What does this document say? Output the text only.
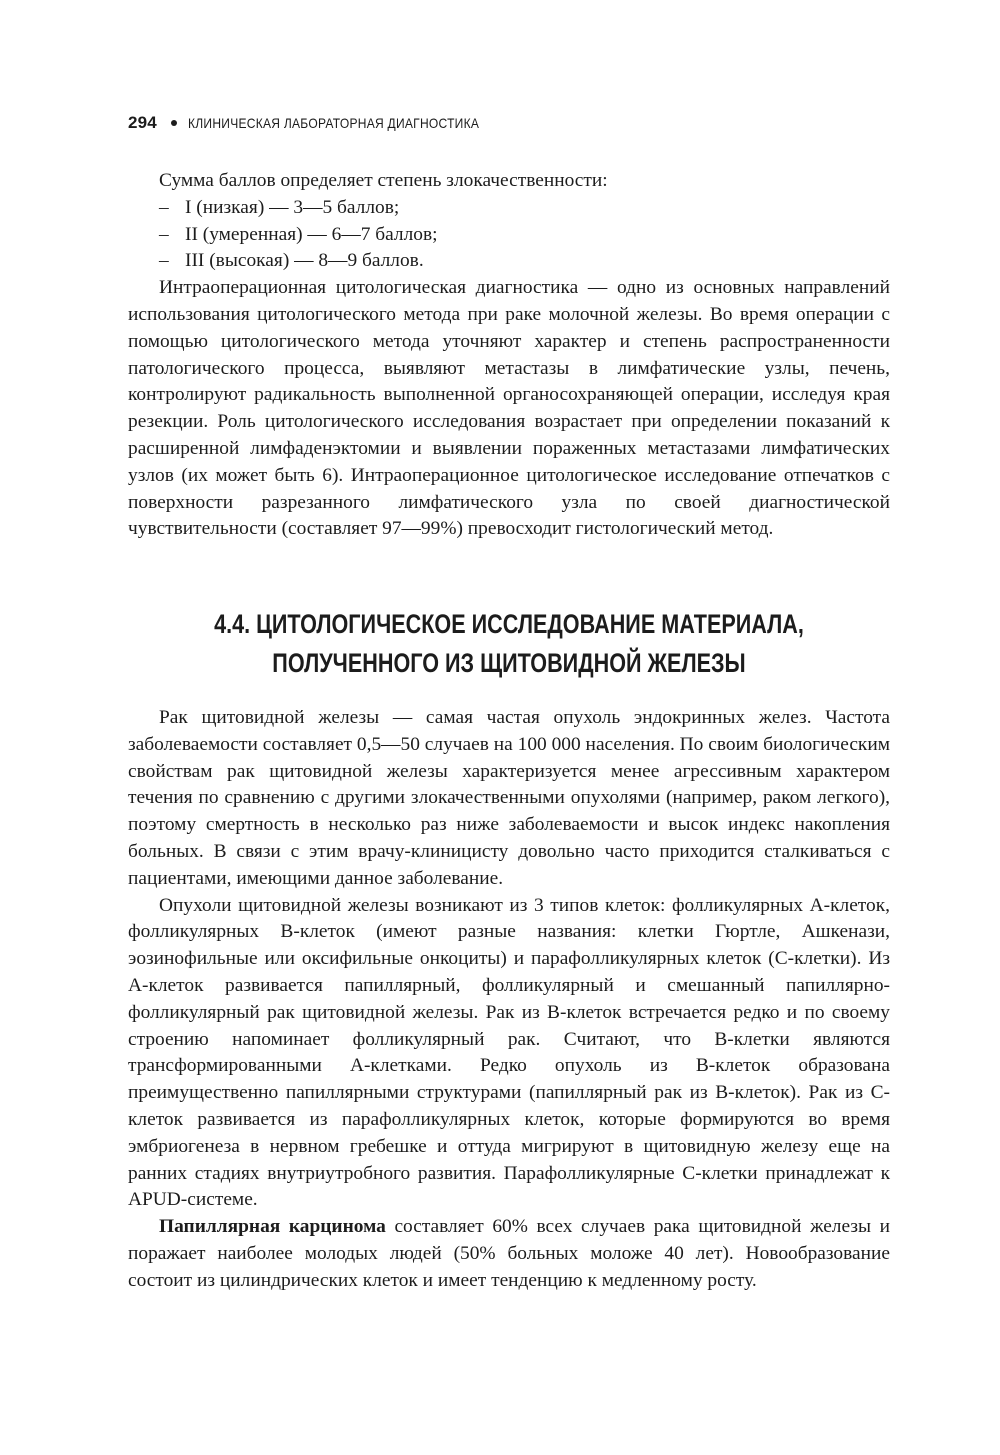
294 КЛИНИЧЕСКАЯ ЛАБОРАТОРНАЯ ДИАГНОСТИКА

Сумма баллов определяет степень злокачественности:

– I (низкая) — 3—5 баллов;
– II (умеренная) — 6—7 баллов;
– III (высокая) — 8—9 баллов.

Интраоперационная цитологическая диагностика — одно из основных направлений использования цитологического метода при раке молочной железы. Во время операции с помощью цитологического метода уточняют характер и степень распространенности патологического процесса, выявляют метастазы в лимфатические узлы, печень, контролируют радикальность выполненной органосохраняющей операции, исследуя края резекции. Роль цитологического исследования возрастает при определении показаний к расширенной лимфаденэктомии и выявлении пораженных метастазами лимфатических узлов (их может быть 6). Интраоперационное цитологическое исследование отпечатков с поверхности разрезанного лимфатического узла по своей диагностической чувствительности (составляет 97—99%) превосходит гистологический метод.

4.4. ЦИТОЛОГИЧЕСКОЕ ИССЛЕДОВАНИЕ МАТЕРИАЛА,
ПОЛУЧЕННОГО ИЗ ЩИТОВИДНОЙ ЖЕЛЕЗЫ

Рак щитовидной железы — самая частая опухоль эндокринных желез. Частота заболеваемости составляет 0,5—50 случаев на 100 000 населения. По своим биологическим свойствам рак щитовидной железы характеризуется менее агрессивным характером течения по сравнению с другими злокачественными опухолями (например, раком легкого), поэтому смертность в несколько раз ниже заболеваемости и высок индекс накопления больных. В связи с этим врачу-клиницисту довольно часто приходится сталкиваться с пациентами, имеющими данное заболевание.

Опухоли щитовидной железы возникают из 3 типов клеток: фолликулярных А-клеток, фолликулярных В-клеток (имеют разные названия: клетки Гюртле, Ашкенази, эозинофильные или оксифильные онкоциты) и парафолликулярных клеток (С-клетки). Из А-клеток развивается папиллярный, фолликулярный и смешанный папиллярно-фолликулярный рак щитовидной железы. Рак из В-клеток встречается редко и по своему строению напоминает фолликулярный рак. Считают, что В-клетки являются трансформированными А-клетками. Редко опухоль из В-клеток образована преимущественно папиллярными структурами (папиллярный рак из В-клеток). Рак из С-клеток развивается из парафолликулярных клеток, которые формируются во время эмбриогенеза в нервном гребешке и оттуда мигрируют в щитовидную железу еще на ранних стадиях внутриутробного развития. Парафолликулярные С-клетки принадлежат к APUD-системе.

Папиллярная карцинома составляет 60% всех случаев рака щитовидной железы и поражает наиболее молодых людей (50% больных моложе 40 лет). Новообразование состоит из цилиндрических клеток и имеет тенденцию к медленному росту.
